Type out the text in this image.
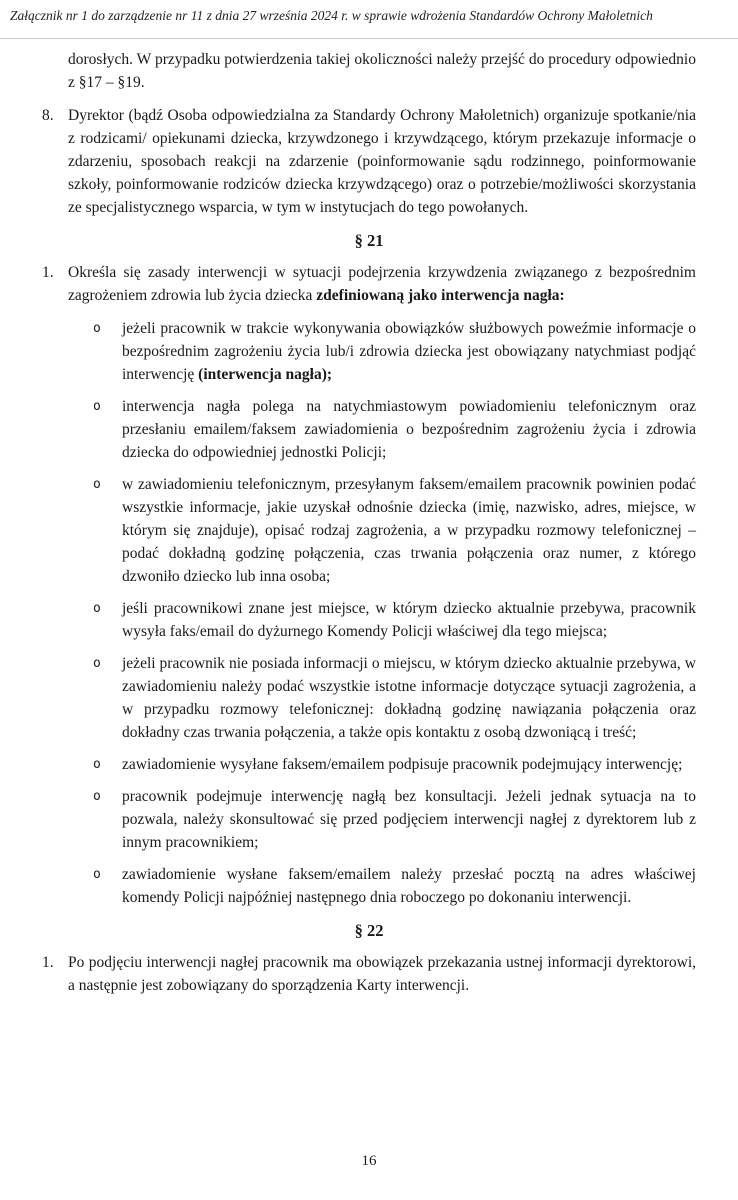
Załącznik nr 1 do zarządzenie nr 11 z dnia 27 września 2024 r. w sprawie wdrożenia Standardów Ochrony Małoletnich

dorosłych. W przypadku potwierdzenia takiej okoliczności należy przejść do procedury odpowiednio z §17 – §19.

8. Dyrektor (bądź Osoba odpowiedzialna za Standardy Ochrony Małoletnich) organizuje spotkanie/nia z rodzicami/ opiekunami dziecka, krzywdzonego i krzywdzącego, którym przekazuje informacje o zdarzeniu, sposobach reakcji na zdarzenie (poinformowanie sądu rodzinnego, poinformowanie szkoły, poinformowanie rodziców dziecka krzywdzącego) oraz o potrzebie/możliwości skorzystania ze specjalistycznego wsparcia, w tym w instytucjach do tego powołanych.
§ 21
1. Określa się zasady interwencji w sytuacji podejrzenia krzywdzenia związanego z bezpośrednim zagrożeniem zdrowia lub życia dziecka zdefiniowaną jako interwencja nagła:
o jeżeli pracownik w trakcie wykonywania obowiązków służbowych poweźmie informacje o bezpośrednim zagrożeniu życia lub/i zdrowia dziecka jest obowiązany natychmiast podjąć interwencję (interwencja nagła);
o interwencja nagła polega na natychmiastowym powiadomieniu telefonicznym oraz przesłaniu emailem/faksem zawiadomienia o bezpośrednim zagrożeniu życia i zdrowia dziecka do odpowiedniej jednostki Policji;
o w zawiadomieniu telefonicznym, przesyłanym faksem/emailem pracownik powinien podać wszystkie informacje, jakie uzyskał odnośnie dziecka (imię, nazwisko, adres, miejsce, w którym się znajduje), opisać rodzaj zagrożenia, a w przypadku rozmowy telefonicznej – podać dokładną godzinę połączenia, czas trwania połączenia oraz numer, z którego dzwoniło dziecko lub inna osoba;
o jeśli pracownikowi znane jest miejsce, w którym dziecko aktualnie przebywa, pracownik wysyła faks/email do dyżurnego Komendy Policji właściwej dla tego miejsca;
o jeżeli pracownik nie posiada informacji o miejscu, w którym dziecko aktualnie przebywa, w zawiadomieniu należy podać wszystkie istotne informacje dotyczące sytuacji zagrożenia, a w przypadku rozmowy telefonicznej: dokładną godzinę nawiązania połączenia oraz dokładny czas trwania połączenia, a także opis kontaktu z osobą dzwoniącą i treść;
o zawiadomienie wysyłane faksem/emailem podpisuje pracownik podejmujący interwencję;
o pracownik podejmuje interwencję nagłą bez konsultacji. Jeżeli jednak sytuacja na to pozwala, należy skonsultować się przed podjęciem interwencji nagłej z dyrektorem lub z innym pracownikiem;
o zawiadomienie wysłane faksem/emailem należy przesłać pocztą na adres właściwej komendy Policji najpóźniej następnego dnia roboczego po dokonaniu interwencji.
§ 22
1. Po podjęciu interwencji nagłej pracownik ma obowiązek przekazania ustnej informacji dyrektorowi, a następnie jest zobowiązany do sporządzenia Karty interwencji.
16
